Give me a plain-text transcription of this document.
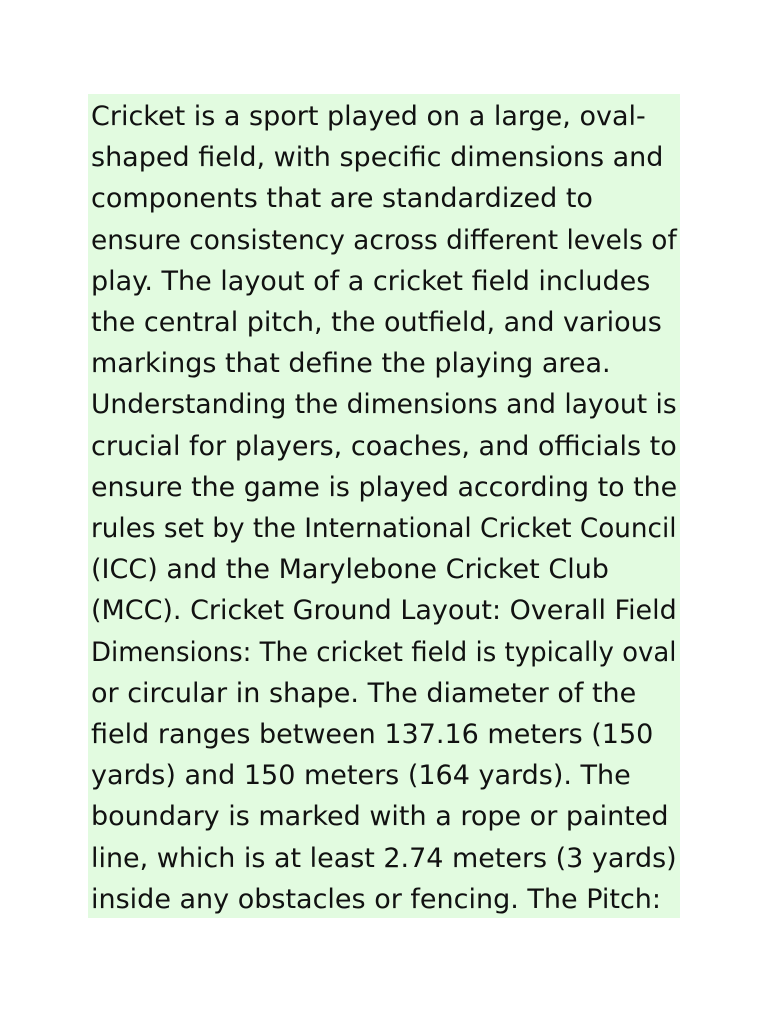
Cricket is a sport played on a large, oval-
shaped field, with specific dimensions and
components that are standardized to
ensure consistency across different levels of
play. The layout of a cricket field includes
the central pitch, the outfield, and various
markings that define the playing area.
Understanding the dimensions and layout is
crucial for players, coaches, and officials to
ensure the game is played according to the
rules set by the International Cricket Council
(ICC) and the Marylebone Cricket Club
(MCC). Cricket Ground Layout: Overall Field
Dimensions: The cricket field is typically oval
or circular in shape. The diameter of the
field ranges between 137.16 meters (150
yards) and 150 meters (164 yards). The
boundary is marked with a rope or painted
line, which is at least 2.74 meters (3 yards)
inside any obstacles or fencing. The Pitch:
